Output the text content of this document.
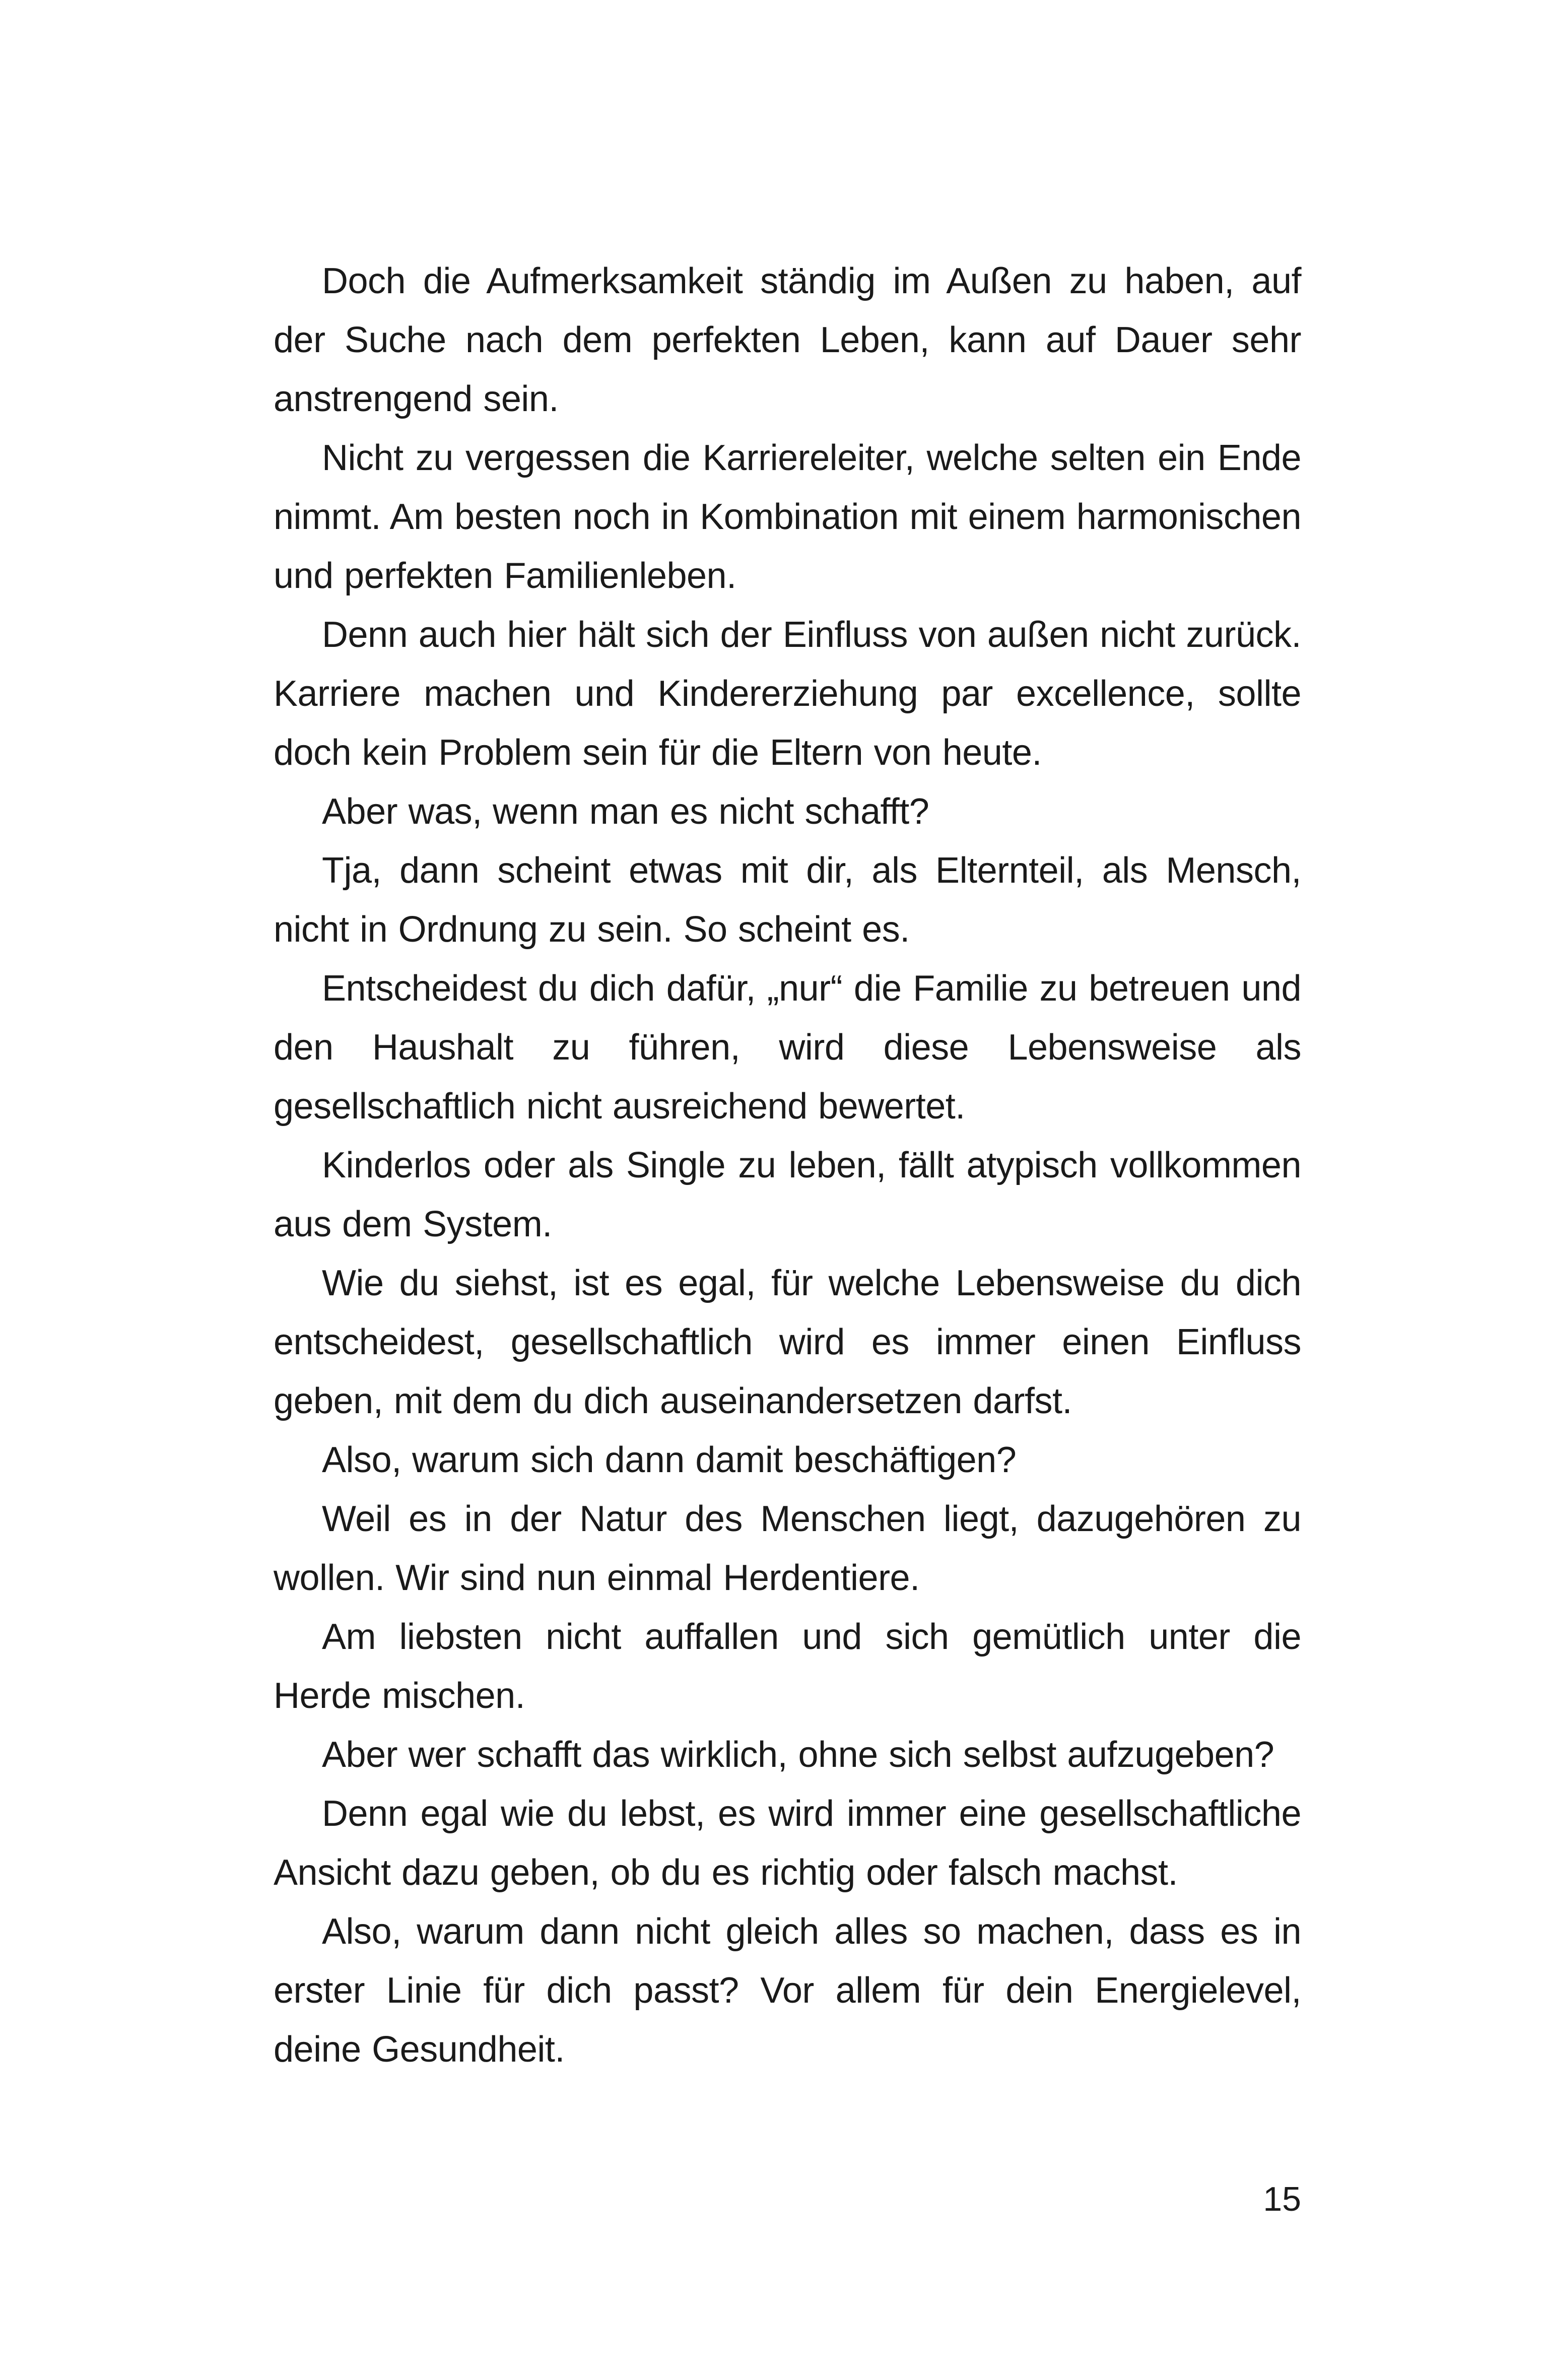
Doch die Aufmerksamkeit ständig im Außen zu haben, auf der Suche nach dem perfekten Leben, kann auf Dauer sehr anstrengend sein.

Nicht zu vergessen die Karriereleiter, welche selten ein Ende nimmt. Am besten noch in Kombination mit einem harmonischen und perfekten Familienleben.

Denn auch hier hält sich der Einfluss von außen nicht zurück. Karriere machen und Kindererziehung par excellence, sollte doch kein Problem sein für die Eltern von heute.

Aber was, wenn man es nicht schafft?

Tja, dann scheint etwas mit dir, als Elternteil, als Mensch, nicht in Ordnung zu sein. So scheint es.

Entscheidest du dich dafür, „nur“ die Familie zu betreuen und den Haushalt zu führen, wird diese Lebensweise als gesellschaftlich nicht ausreichend bewertet.

Kinderlos oder als Single zu leben, fällt atypisch vollkommen aus dem System.

Wie du siehst, ist es egal, für welche Lebensweise du dich entscheidest, gesellschaftlich wird es immer einen Einfluss geben, mit dem du dich auseinandersetzen darfst.

Also, warum sich dann damit beschäftigen?

Weil es in der Natur des Menschen liegt, dazugehören zu wollen. Wir sind nun einmal Herdentiere.

Am liebsten nicht auffallen und sich gemütlich unter die Herde mischen.

Aber wer schafft das wirklich, ohne sich selbst aufzugeben?

Denn egal wie du lebst, es wird immer eine gesellschaftliche Ansicht dazu geben, ob du es richtig oder falsch machst.

Also, warum dann nicht gleich alles so machen, dass es in erster Linie für dich passt? Vor allem für dein Energielevel, deine Gesundheit.

15
